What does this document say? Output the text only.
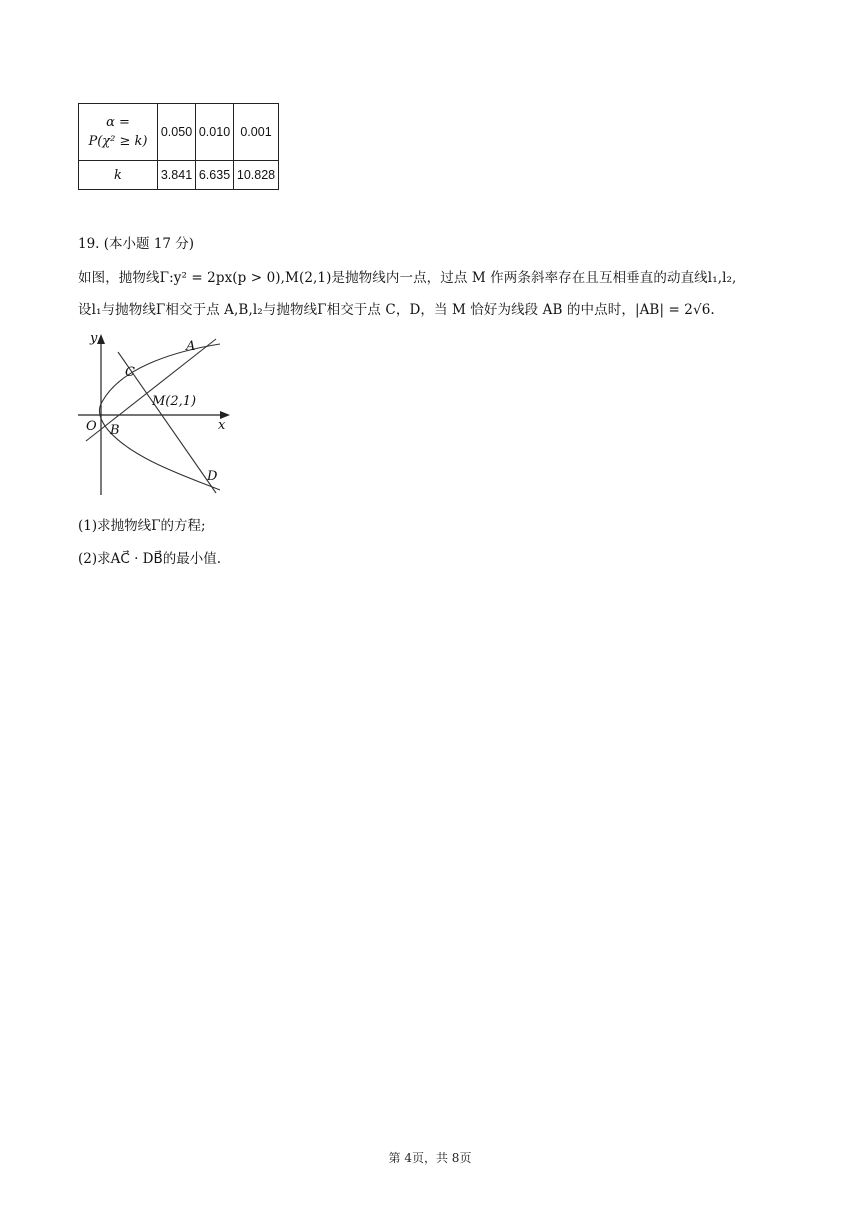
α =
P(χ² ≥ k)	0.050	0.010	0.001
k	3.841	6.635	10.828
19. (本小题 17 分)
如图，抛物线Γ:y² = 2px(p > 0),M(2,1)是抛物线内一点，过点 M 作两条斜率存在且互相垂直的动直线l₁,l₂,
设l₁与抛物线Γ相交于点 A,B,l₂与抛物线Γ相交于点 C，D，当 M 恰好为线段 AB 的中点时，|AB| = 2√6.
y
x
O
A
B
C
D
M(2,1)
(1)求抛物线Γ的方程;
(2)求AC⃗ · DB⃗的最小值.
第 4页，共 8页
